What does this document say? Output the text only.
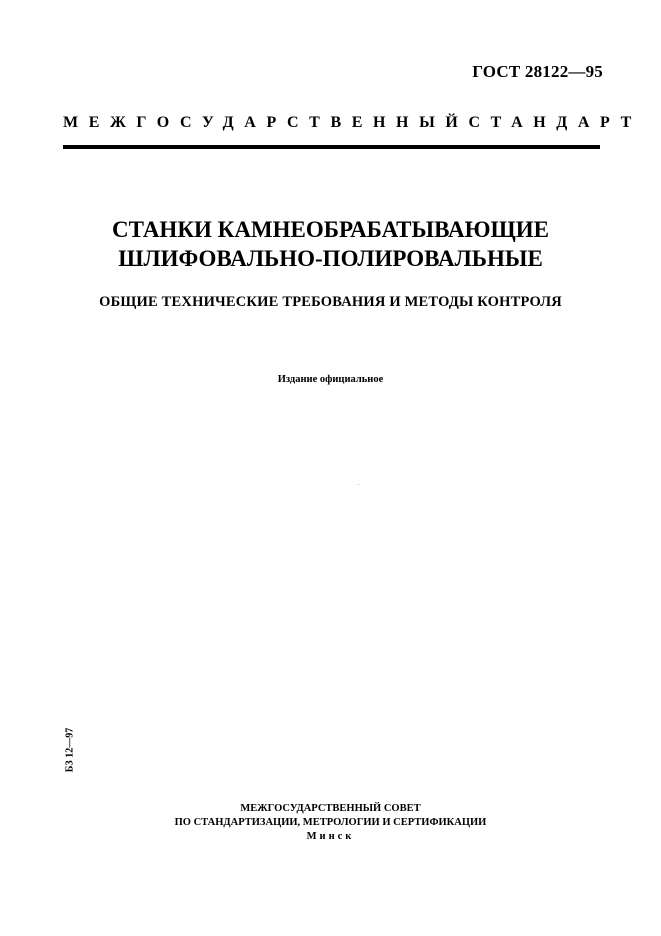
ГОСТ 28122—95
МЕЖГОСУДАРСТВЕННЫЙ СТАНДАРТ
СТАНКИ КАМНЕОБРАБАТЫВАЮЩИЕ
ШЛИФОВАЛЬНО-ПОЛИРОВАЛЬНЫЕ
ОБЩИЕ ТЕХНИЧЕСКИЕ ТРЕБОВАНИЯ И МЕТОДЫ КОНТРОЛЯ
Издание официальное
БЗ 12—97
МЕЖГОСУДАРСТВЕННЫЙ СОВЕТ
ПО СТАНДАРТИЗАЦИИ, МЕТРОЛОГИИ И СЕРТИФИКАЦИИ
Минск
